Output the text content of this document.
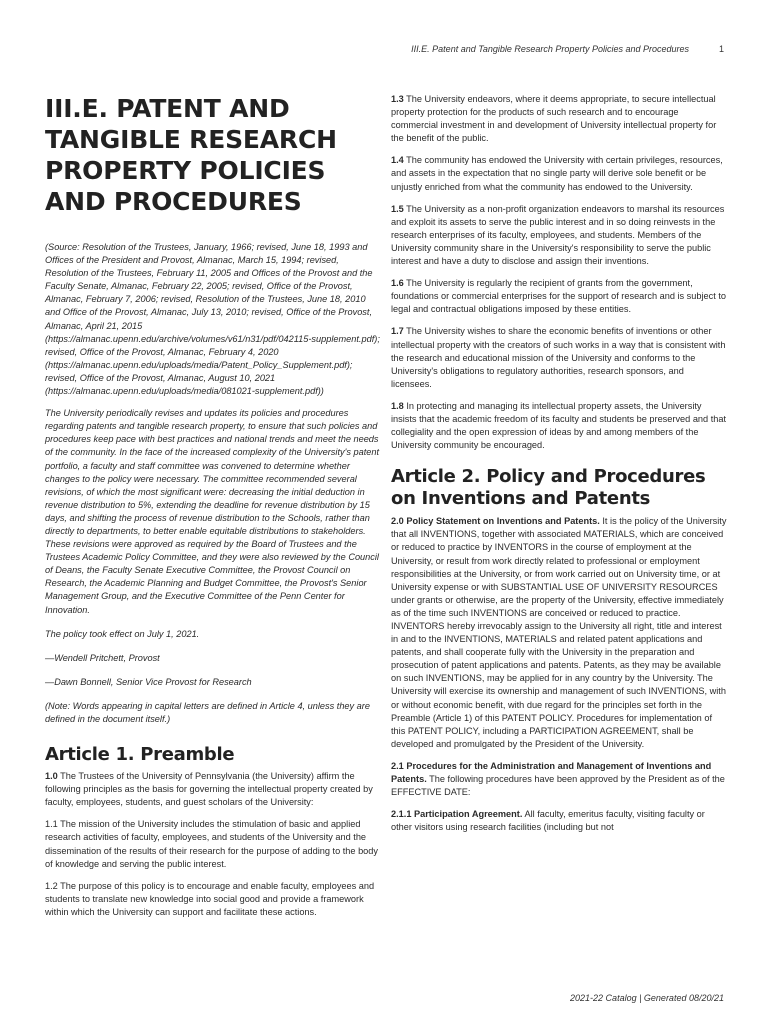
III.E. Patent and Tangible Research Property Policies and Procedures	1
III.E. PATENT AND TANGIBLE RESEARCH PROPERTY POLICIES AND PROCEDURES

(Source: Resolution of the Trustees, January, 1966; revised, June 18, 1993 and Offices of the President and Provost, Almanac, March 15, 1994; revised, Resolution of the Trustees, February 11, 2005 and Offices of the Provost and the Faculty Senate, Almanac, February 22, 2005; revised, Office of the Provost, Almanac, February 7, 2006; revised, Resolution of the Trustees, June 18, 2010 and Office of the Provost, Almanac, July 13, 2010; revised, Office of the Provost, Almanac, April 21, 2015 (https://almanac.upenn.edu/archive/volumes/v61/n31/pdf/042115-supplement.pdf); revised, Office of the Provost, Almanac, February 4, 2020 (https://almanac.upenn.edu/uploads/media/Patent_Policy_Supplement.pdf); revised, Office of the Provost, Almanac, August 10, 2021 (https://almanac.upenn.edu/uploads/media/081021-supplement.pdf))

The University periodically revises and updates its policies and procedures regarding patents and tangible research property, to ensure that such policies and procedures keep pace with best practices and national trends and meet the needs of the community. In the face of the increased complexity of the University's patent portfolio, a faculty and staff committee was convened to determine whether changes to the policy were necessary. The committee recommended several revisions, of which the most significant were: decreasing the initial deduction in revenue distribution to 5%, extending the deadline for revenue distribution by 15 days, and shifting the process of revenue distribution to the Schools, rather than directly to departments, to better enable equitable distributions to stakeholders. These revisions were approved as required by the Board of Trustees and the Trustees Academic Policy Committee, and they were also reviewed by the Council of Deans, the Faculty Senate Executive Committee, the Provost Council on Research, the Academic Planning and Budget Committee, the Provost's Senior Management Group, and the Executive Committee of the Penn Center for Innovation.

The policy took effect on July 1, 2021.

—Wendell Pritchett, Provost

—Dawn Bonnell, Senior Vice Provost for Research

(Note: Words appearing in capital letters are defined in Article 4, unless they are defined in the document itself.)

Article 1. Preamble

1.0 The Trustees of the University of Pennsylvania (the University) affirm the following principles as the basis for governing the intellectual property created by faculty, employees, students, and guest scholars of the University:

1.1 The mission of the University includes the stimulation of basic and applied research activities of faculty, employees, and students of the University and the dissemination of the results of their research for the purpose of adding to the body of knowledge and serving the public interest.

1.2 The purpose of this policy is to encourage and enable faculty, employees and students to translate new knowledge into social good and provide a framework within which the University can support and facilitate these actions.

1.3 The University endeavors, where it deems appropriate, to secure intellectual property protection for the products of such research and to encourage commercial investment in and development of University intellectual property for the benefit of the public.

1.4 The community has endowed the University with certain privileges, resources, and assets in the expectation that no single party will derive sole benefit or be unjustly enriched from what the community has endowed to the University.

1.5 The University as a non-profit organization endeavors to marshal its resources and exploit its assets to serve the public interest and in so doing reinvests in the research enterprises of its faculty, employees, and students. Members of the University community share in the University's responsibility to serve the public interest and have a duty to disclose and assign their inventions.

1.6 The University is regularly the recipient of grants from the government, foundations or commercial enterprises for the support of research and is subject to legal and contractual obligations imposed by these entities.

1.7 The University wishes to share the economic benefits of inventions or other intellectual property with the creators of such works in a way that is consistent with the research and educational mission of the University and conforms to the University's obligations to regulatory authorities, research sponsors, and licensees.

1.8 In protecting and managing its intellectual property assets, the University insists that the academic freedom of its faculty and students be preserved and that collegiality and the open expression of ideas by and among members of the University community be encouraged.

Article 2. Policy and Procedures on Inventions and Patents

2.0 Policy Statement on Inventions and Patents. It is the policy of the University that all INVENTIONS, together with associated MATERIALS, which are conceived or reduced to practice by INVENTORS in the course of employment at the University, or result from work directly related to professional or employment responsibilities at the University, or from work carried out on University time, or at University expense or with SUBSTANTIAL USE OF UNIVERSITY RESOURCES under grants or otherwise, are the property of the University, effective immediately as of the time such INVENTIONS are conceived or reduced to practice. INVENTORS hereby irrevocably assign to the University all right, title and interest in and to the INVENTIONS, MATERIALS and related patent applications and patents, and shall cooperate fully with the University in the preparation and prosecution of patent applications and patents. Patents, as they may be available on such INVENTIONS, may be applied for in any country by the University. The University will exercise its ownership and management of such INVENTIONS, with or without economic benefit, with due regard for the principles set forth in the Preamble (Article 1) of this PATENT POLICY. Procedures for implementation of this PATENT POLICY, including a PARTICIPATION AGREEMENT, shall be developed and promulgated by the President of the University.

2.1 Procedures for the Administration and Management of Inventions and Patents. The following procedures have been approved by the President as of the EFFECTIVE DATE:

2.1.1 Participation Agreement. All faculty, emeritus faculty, visiting faculty or other visitors using research facilities (including but not

2021-22 Catalog | Generated 08/20/21
